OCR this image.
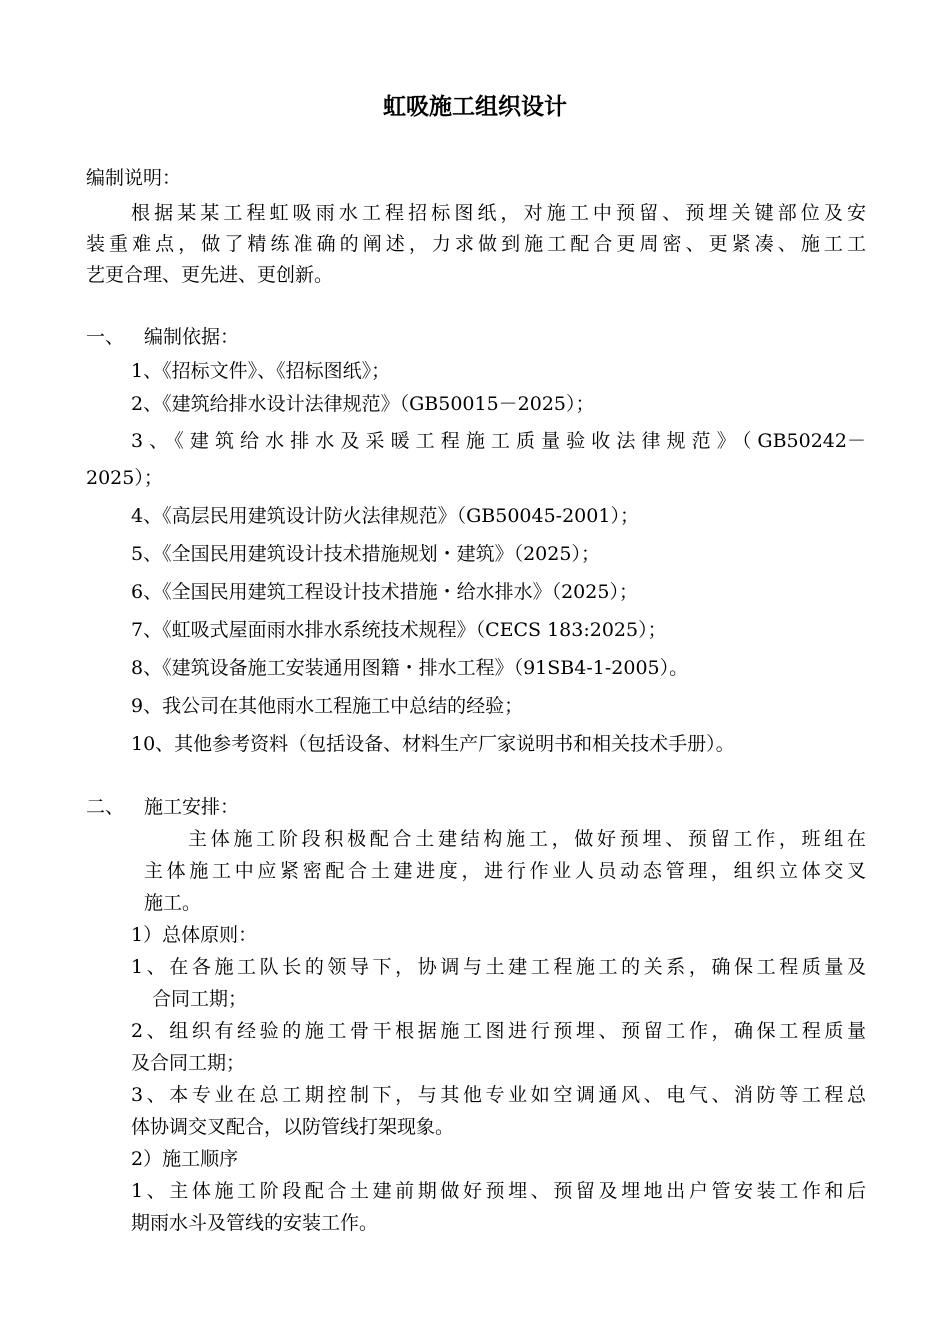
虹吸施工组织设计
编制说明：
根据某某工程虹吸雨水工程招标图纸，对施工中预留、预埋关键部位及安
装重难点，做了精练准确的阐述，力求做到施工配合更周密、更紧凑、施工工
艺更合理、更先进、更创新。
一、 编制依据：
1、《招标文件》、《招标图纸》；
2、《建筑给排水设计法律规范》（GB50015－2025）；
3、《建筑给水排水及采暖工程施工质量验收法律规范》（GB50242－
2025）；
4、《高层民用建筑设计防火法律规范》（GB50045-2001）；
5、《全国民用建筑设计技术措施规划・建筑》（2025）；
6、《全国民用建筑工程设计技术措施・给水排水》（2025）；
7、《虹吸式屋面雨水排水系统技术规程》（CECS 183:2025）；
8、《建筑设备施工安装通用图籍・排水工程》（91SB4-1-2005）。
9、我公司在其他雨水工程施工中总结的经验；
10、其他参考资料（包括设备、材料生产厂家说明书和相关技术手册）。
二、 施工安排：
主体施工阶段积极配合土建结构施工，做好预埋、预留工作，班组在
主体施工中应紧密配合土建进度，进行作业人员动态管理，组织立体交叉
施工。
1）总体原则：
1、在各施工队长的领导下，协调与土建工程施工的关系，确保工程质量及
合同工期；
2、组织有经验的施工骨干根据施工图进行预埋、预留工作，确保工程质量
及合同工期；
3、本专业在总工期控制下，与其他专业如空调通风、电气、消防等工程总
体协调交叉配合，以防管线打架现象。
2）施工顺序
1、主体施工阶段配合土建前期做好预埋、预留及埋地出户管安装工作和后
期雨水斗及管线的安装工作。
